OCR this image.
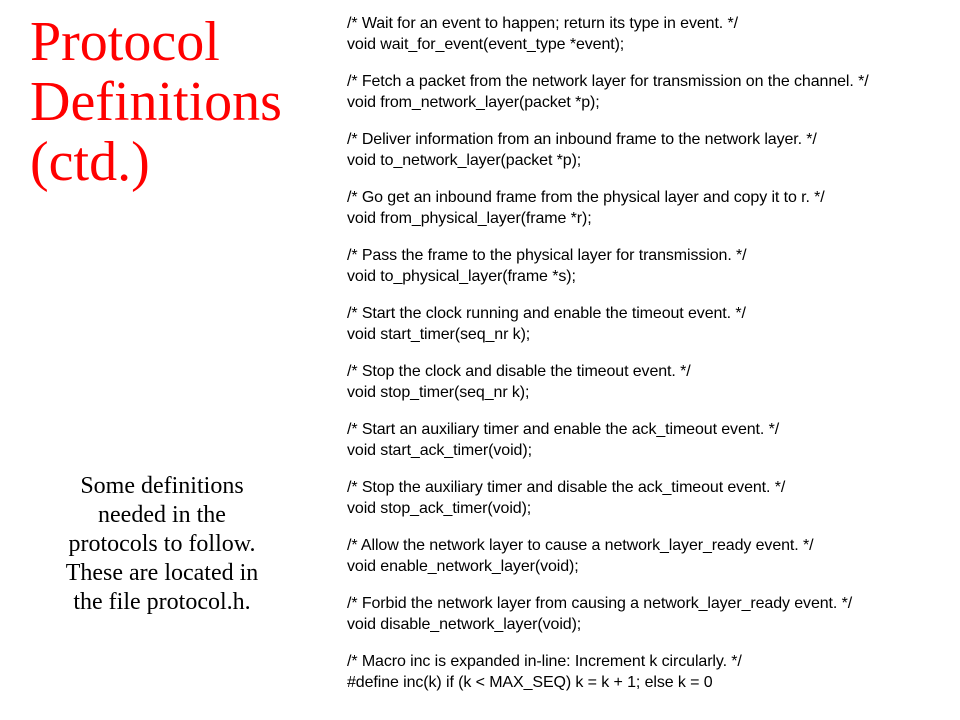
Protocol
Definitions
(ctd.)

Some definitions
needed in the
protocols to follow.
These are located in
the file protocol.h.

/* Wait for an event to happen; return its type in event. */
void wait_for_event(event_type *event);
/* Fetch a packet from the network layer for transmission on the channel. */
void from_network_layer(packet *p);
/* Deliver information from an inbound frame to the network layer. */
void to_network_layer(packet *p);
/* Go get an inbound frame from the physical layer and copy it to r. */
void from_physical_layer(frame *r);
/* Pass the frame to the physical layer for transmission. */
void to_physical_layer(frame *s);
/* Start the clock running and enable the timeout event. */
void start_timer(seq_nr k);
/* Stop the clock and disable the timeout event. */
void stop_timer(seq_nr k);
/* Start an auxiliary timer and enable the ack_timeout event. */
void start_ack_timer(void);
/* Stop the auxiliary timer and disable the ack_timeout event. */
void stop_ack_timer(void);
/* Allow the network layer to cause a network_layer_ready event. */
void enable_network_layer(void);
/* Forbid the network layer from causing a network_layer_ready event. */
void disable_network_layer(void);
/* Macro inc is expanded in-line: Increment k circularly. */
#define inc(k) if (k < MAX_SEQ) k = k + 1; else k = 0
